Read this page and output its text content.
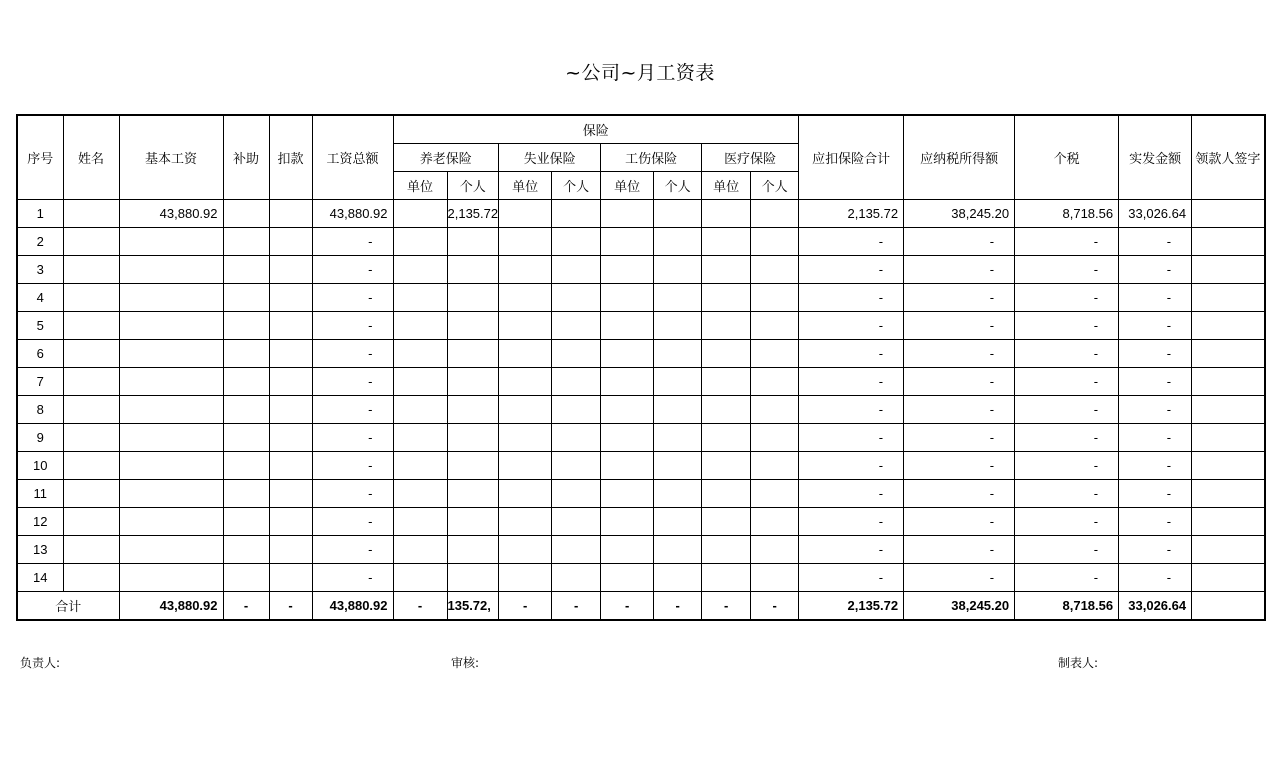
~公司~月工资表
序号	姓名	基本工资	补助	扣款	工资总额	保险								应扣保险合计	应纳税所得额	个税	实发金额	领款人签字
						养老保险		失业保险		工伤保险		医疗保险						
						单位	个人	单位	个人	单位	个人	单位	个人					
1		43,880.92			43,880.92		2,135.72							2,135.72	38,245.20	8,718.56	33,026.64	
2					-									-	-	-	-	
3					-									-	-	-	-	
4					-									-	-	-	-	
5					-									-	-	-	-	
6					-									-	-	-	-	
7					-									-	-	-	-	
8					-									-	-	-	-	
9					-									-	-	-	-	
10					-									-	-	-	-	
11					-									-	-	-	-	
12					-									-	-	-	-	
13					-									-	-	-	-	
14					-									-	-	-	-	
合计		43,880.92	-	-	43,880.92	-	,135.72	-	-	-	-	-	-	2,135.72	38,245.20	8,718.56	33,026.64	
负责人:	审核:	制表人:
